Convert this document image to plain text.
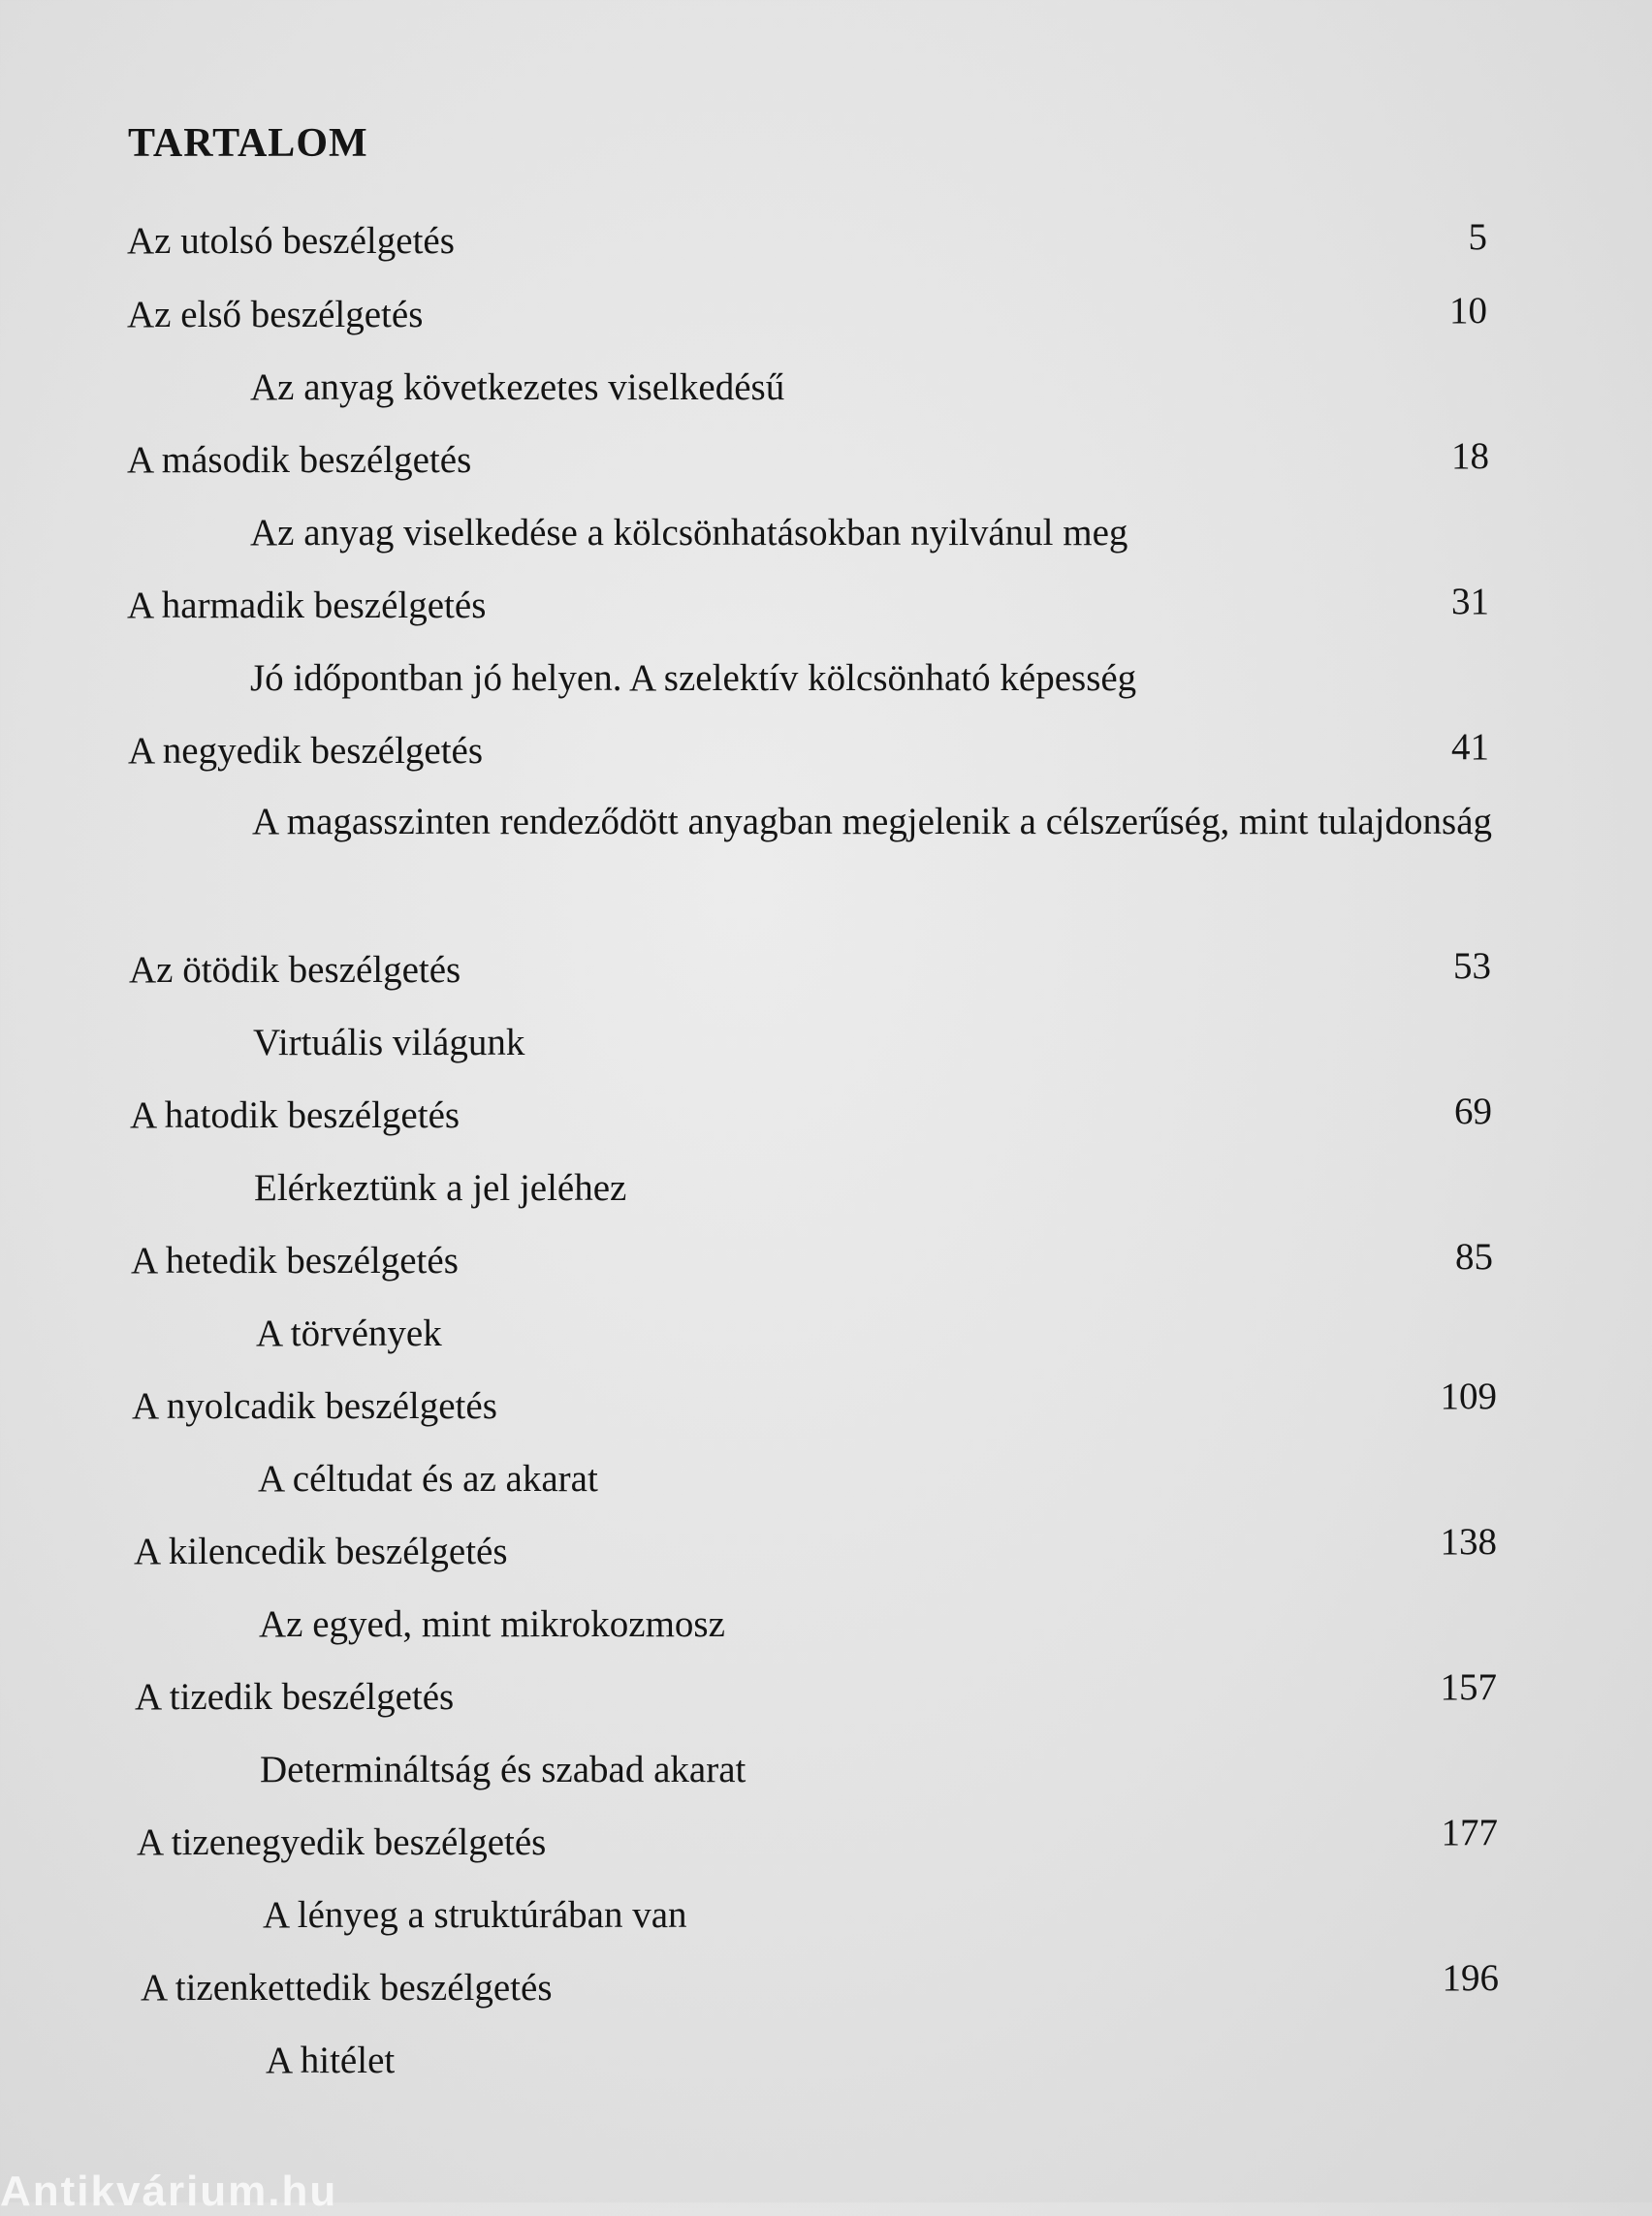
TARTALOM
Az utolsó beszélgetés	5
Az első beszélgetés	10
Az anyag következetes viselkedésű
A második beszélgetés	18
Az anyag viselkedése a kölcsönhatásokban nyilvánul meg
A harmadik beszélgetés	31
Jó időpontban jó helyen. A szelektív kölcsönható képesség
A negyedik beszélgetés	41
A magasszinten rendeződött anyagban megjelenik a célszerűség, mint tulajdonság
Az ötödik beszélgetés	53
Virtuális világunk
A hatodik beszélgetés	69
Elérkeztünk a jel jeléhez
A hetedik beszélgetés	85
A törvények
A nyolcadik beszélgetés	109
A céltudat és az akarat
A kilencedik beszélgetés	138
Az egyed, mint mikrokozmosz
A tizedik beszélgetés	157
Determináltság és szabad akarat
A tizenegyedik beszélgetés	177
A lényeg a struktúrában van
A tizenkettedik beszélgetés	196
A hitélet
Antikvárium.hu
